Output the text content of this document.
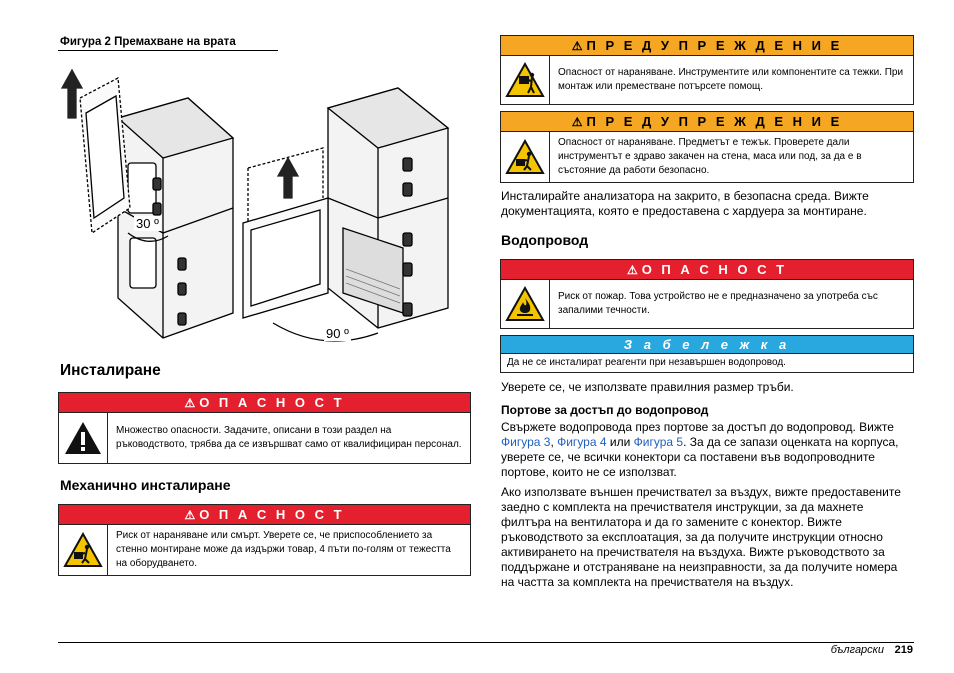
Фигура 2 Премахване на врата
30 º
90 º
Инсталиране
⚠ О П А С Н О С Т
Множество опасности. Задачите, описани в този раздел на ръководството, трябва да се извършват само от квалифициран персонал.
Механично инсталиране
⚠ О П А С Н О С Т
Риск от нараняване или смърт. Уверете се, че приспособлението за стенно монтиране може да издържи товар, 4 пъти по-голям от тежестта на оборудването.
⚠ П Р Е Д У П Р Е Ж Д Е Н И Е
Опасност от нараняване. Инструментите или компонентите са тежки. При монтаж или преместване потърсете помощ.
⚠ П Р Е Д У П Р Е Ж Д Е Н И Е
Опасност от нараняване. Предметът е тежък. Проверете дали инструментът е здраво закачен на стена, маса или под, за да е в състояние да работи безопасно.
Инсталирайте анализатора на закрито, в безопасна среда. Вижте документацията, която е предоставена с хардуера за монтиране.
Водопровод
⚠ О П А С Н О С Т
Риск от пожар. Това устройство не е предназначено за употреба със запалими течности.
З а б е л е ж к а
Да не се инсталират реагенти при незавършен водопровод.
Уверете се, че използвате правилния размер тръби.
Портове за достъп до водопровод
Свържете водопровода през портове за достъп до водопровод. Вижте Фигура 3, Фигура 4 или Фигура 5. За да се запази оценката на корпуса, уверете се, че всички конектори са поставени във водопроводните портове, които не се използват.
Ако използвате външен пречиствател за въздух, вижте предоставените заедно с комплекта на пречиствателя инструкции, за да махнете филтъра на вентилатора и да го замените с конектор. Вижте ръководството за експлоатация, за да получите инструкции относно активирането на пречиствателя на въздуха. Вижте ръководството за поддържане и отстраняване на неизправности, за да получите номера на частта за комплекта на пречиствателя на въздух.
български 219
